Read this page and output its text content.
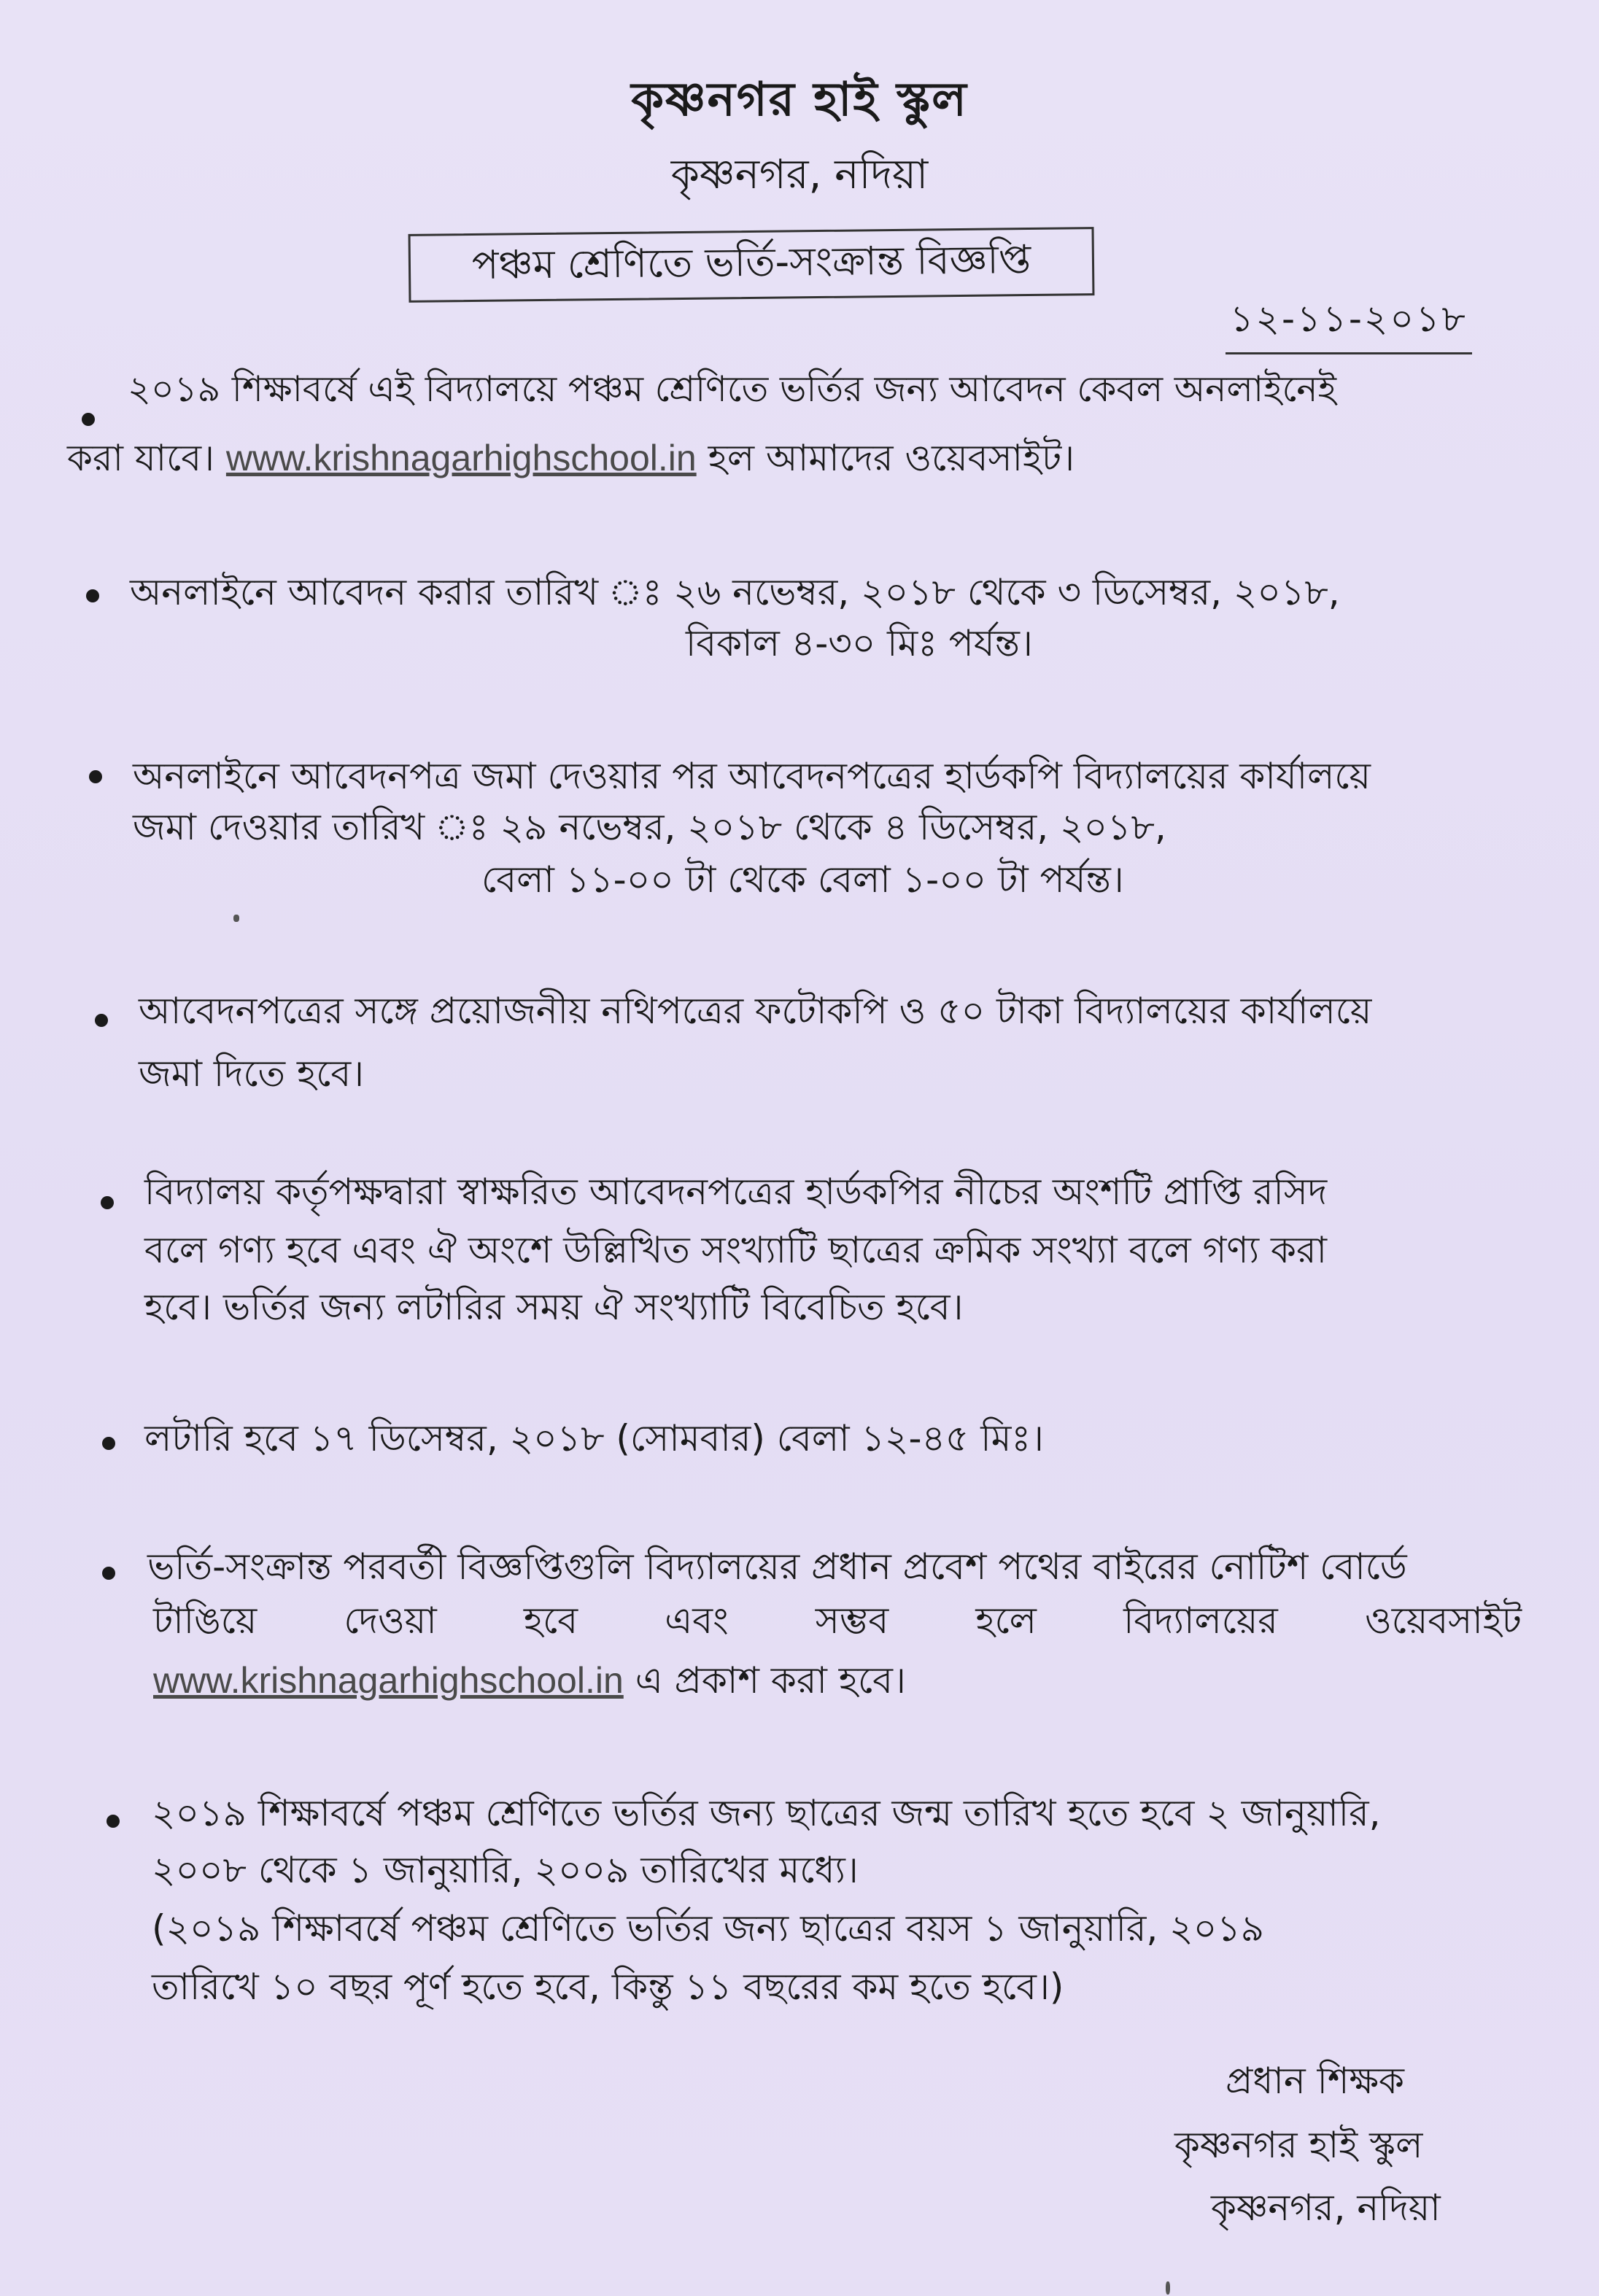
কৃষ্ণনগর হাই স্কুল
কৃষ্ণনগর, নদিয়া
পঞ্চম শ্রেণিতে ভর্তি-সংক্রান্ত বিজ্ঞপ্তি
১২-১১-২০১৮
২০১৯ শিক্ষাবর্ষে এই বিদ্যালয়ে পঞ্চম শ্রেণিতে ভর্তির জন্য আবেদন কেবল অনলাইনেই
করা যাবে। www.krishnagarhighschool.in হল আমাদের ওয়েবসাইট।
অনলাইনে আবেদন করার তারিখ ঃ ২৬ নভেম্বর, ২০১৮ থেকে ৩ ডিসেম্বর, ২০১৮,
বিকাল ৪-৩০ মিঃ পর্যন্ত।
অনলাইনে আবেদনপত্র জমা দেওয়ার পর আবেদনপত্রের হার্ডকপি বিদ্যালয়ের কার্যালয়ে
জমা দেওয়ার তারিখ ঃ ২৯ নভেম্বর, ২০১৮ থেকে ৪ ডিসেম্বর, ২০১৮,
বেলা ১১-০০ টা থেকে বেলা ১-০০ টা পর্যন্ত।
আবেদনপত্রের সঙ্গে প্রয়োজনীয় নথিপত্রের ফটোকপি ও ৫০ টাকা বিদ্যালয়ের কার্যালয়ে
জমা দিতে হবে।
বিদ্যালয় কর্তৃপক্ষদ্বারা স্বাক্ষরিত আবেদনপত্রের হার্ডকপির নীচের অংশটি প্রাপ্তি রসিদ
বলে গণ্য হবে এবং ঐ অংশে উল্লিখিত সংখ্যাটি ছাত্রের ক্রমিক সংখ্যা বলে গণ্য করা
হবে। ভর্তির জন্য লটারির সময় ঐ সংখ্যাটি বিবেচিত হবে।
লটারি হবে ১৭ ডিসেম্বর, ২০১৮ (সোমবার) বেলা ১২-৪৫ মিঃ।
ভর্তি-সংক্রান্ত পরবর্তী বিজ্ঞপ্তিগুলি বিদ্যালয়ের প্রধান প্রবেশ পথের বাইরের নোটিশ বোর্ডে
টাঙিয়ে দেওয়া হবে এবং সম্ভব হলে বিদ্যালয়ের ওয়েবসাইট
www.krishnagarhighschool.in এ প্রকাশ করা হবে।
২০১৯ শিক্ষাবর্ষে পঞ্চম শ্রেণিতে ভর্তির জন্য ছাত্রের জন্ম তারিখ হতে হবে ২ জানুয়ারি,
২০০৮ থেকে ১ জানুয়ারি, ২০০৯ তারিখের মধ্যে।
(২০১৯ শিক্ষাবর্ষে পঞ্চম শ্রেণিতে ভর্তির জন্য ছাত্রের বয়স ১ জানুয়ারি, ২০১৯
তারিখে ১০ বছর পূর্ণ হতে হবে, কিন্তু ১১ বছরের কম হতে হবে।)
প্রধান শিক্ষক
কৃষ্ণনগর হাই স্কুল
কৃষ্ণনগর, নদিয়া
